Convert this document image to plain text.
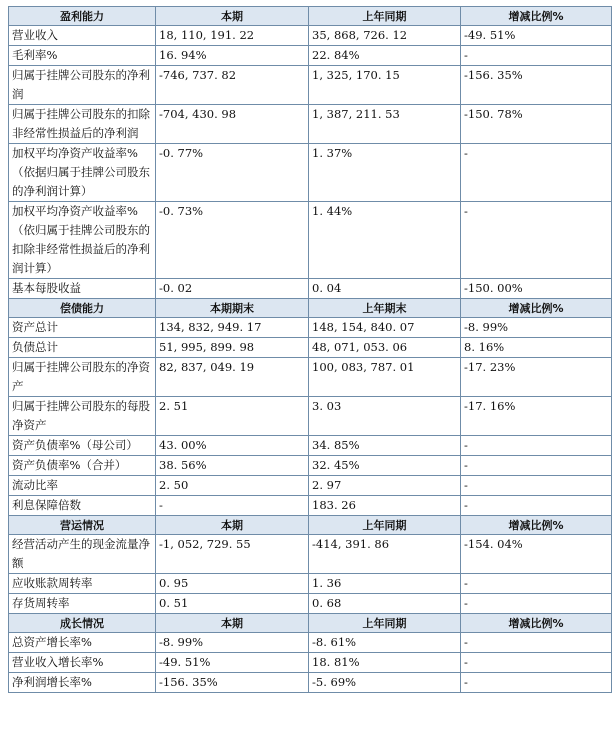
盈利能力	本期	上年同期	增减比例%
营业收入	18, 110, 191. 22	35, 868, 726. 12	-49. 51%
毛利率%	16. 94%	22. 84%	-
归属于挂牌公司股东的净利润	-746, 737. 82	1, 325, 170. 15	-156. 35%
归属于挂牌公司股东的扣除非经常性损益后的净利润	-704, 430. 98	1, 387, 211. 53	-150. 78%
加权平均净资产收益率%（依据归属于挂牌公司股东的净利润计算）	-0. 77%	1. 37%	-
加权平均净资产收益率%（依归属于挂牌公司股东的扣除非经常性损益后的净利润计算）	-0. 73%	1. 44%	-
基本每股收益	-0. 02	0. 04	-150. 00%
偿债能力	本期期末	上年期末	增减比例%
资产总计	134, 832, 949. 17	148, 154, 840. 07	-8. 99%
负债总计	51, 995, 899. 98	48, 071, 053. 06	8. 16%
归属于挂牌公司股东的净资产	82, 837, 049. 19	100, 083, 787. 01	-17. 23%
归属于挂牌公司股东的每股净资产	2. 51	3. 03	-17. 16%
资产负债率%（母公司）	43. 00%	34. 85%	-
资产负债率%（合并）	38. 56%	32. 45%	-
流动比率	2. 50	2. 97	-
利息保障倍数	-	183. 26	-
营运情况	本期	上年同期	增减比例%
经营活动产生的现金流量净额	-1, 052, 729. 55	-414, 391. 86	-154. 04%
应收账款周转率	0. 95	1. 36	-
存货周转率	0. 51	0. 68	-
成长情况	本期	上年同期	增减比例%
总资产增长率%	-8. 99%	-8. 61%	-
营业收入增长率%	-49. 51%	18. 81%	-
净利润增长率%	-156. 35%	-5. 69%	-
